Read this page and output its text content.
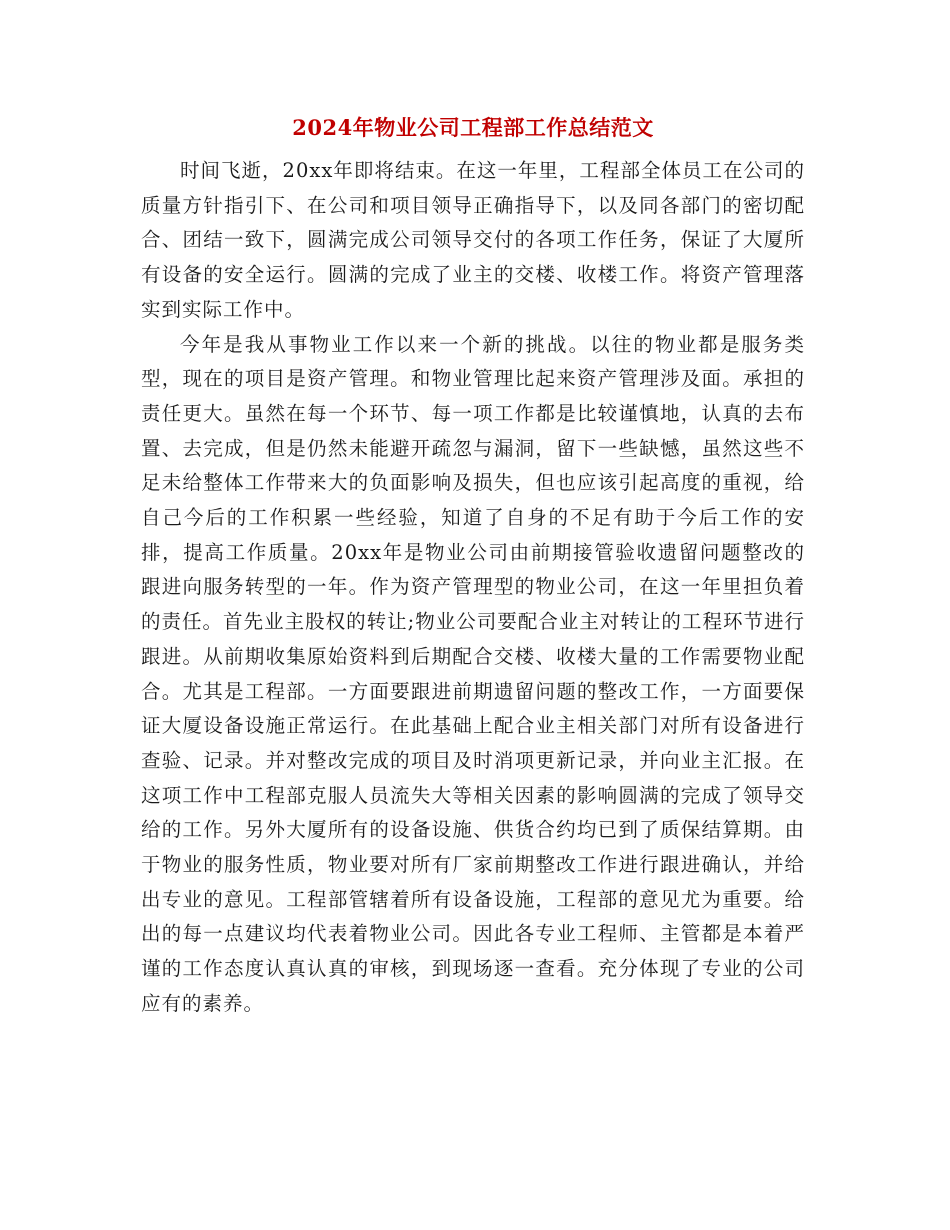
2024年物业公司工程部工作总结范文

时间飞逝，20xx年即将结束。在这一年里，工程部全体员工在公司的质量方针指引下、在公司和项目领导正确指导下，以及同各部门的密切配合、团结一致下，圆满完成公司领导交付的各项工作任务，保证了大厦所有设备的安全运行。圆满的完成了业主的交楼、收楼工作。将资产管理落实到实际工作中。

今年是我从事物业工作以来一个新的挑战。以往的物业都是服务类型，现在的项目是资产管理。和物业管理比起来资产管理涉及面。承担的责任更大。虽然在每一个环节、每一项工作都是比较谨慎地，认真的去布置、去完成，但是仍然未能避开疏忽与漏洞，留下一些缺憾，虽然这些不足未给整体工作带来大的负面影响及损失，但也应该引起高度的重视，给自己今后的工作积累一些经验，知道了自身的不足有助于今后工作的安排，提高工作质量。20xx年是物业公司由前期接管验收遗留问题整改的跟进向服务转型的一年。作为资产管理型的物业公司，在这一年里担负着的责任。首先业主股权的转让;物业公司要配合业主对转让的工程环节进行跟进。从前期收集原始资料到后期配合交楼、收楼大量的工作需要物业配合。尤其是工程部。一方面要跟进前期遗留问题的整改工作，一方面要保证大厦设备设施正常运行。在此基础上配合业主相关部门对所有设备进行查验、记录。并对整改完成的项目及时消项更新记录，并向业主汇报。在这项工作中工程部克服人员流失大等相关因素的影响圆满的完成了领导交给的工作。另外大厦所有的设备设施、供货合约均已到了质保结算期。由于物业的服务性质，物业要对所有厂家前期整改工作进行跟进确认，并给出专业的意见。工程部管辖着所有设备设施，工程部的意见尤为重要。给出的每一点建议均代表着物业公司。因此各专业工程师、主管都是本着严谨的工作态度认真认真的审核，到现场逐一查看。充分体现了专业的公司应有的素养。
